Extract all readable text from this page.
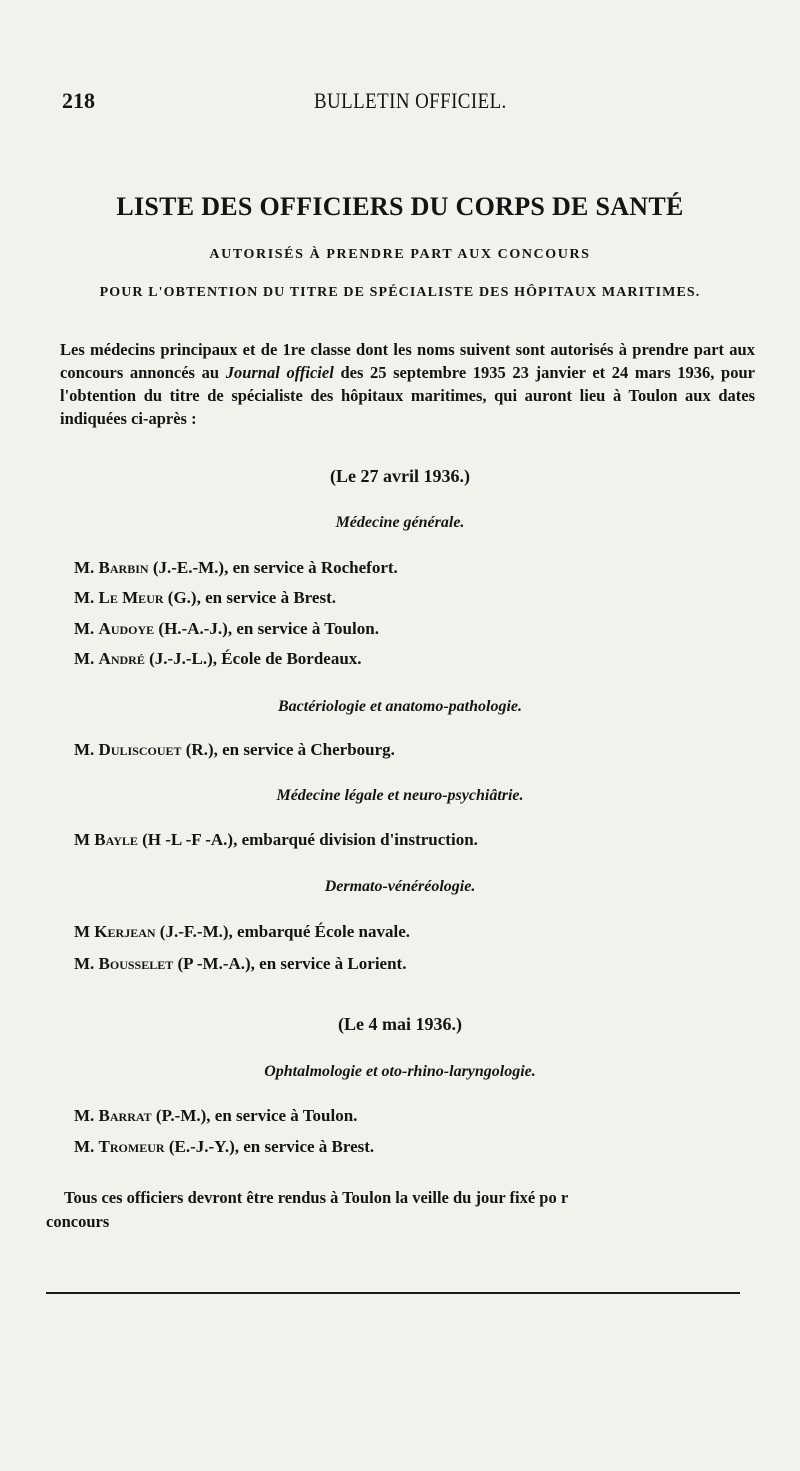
218	BULLETIN OFFICIEL.
LISTE DES OFFICIERS DU CORPS DE SANTÉ
AUTORISÉS À PRENDRE PART AUX CONCOURS
POUR L'OBTENTION DU TITRE DE SPÉCIALISTE DES HÔPITAUX MARITIMES.
Les médecins principaux et de 1re classe dont les noms suivent sont autorisés à prendre part aux concours annoncés au Journal officiel des 25 septembre 1935 23 janvier et 24 mars 1936, pour l'obtention du titre de spécialiste des hôpitaux maritimes, qui auront lieu à Toulon aux dates indiquées ci-après :
(Le 27 avril 1936.)
Médecine générale.
M. Barbin (J.-E.-M.), en service à Rochefort.
M. Le Meur (G.), en service à Brest.
M. Audoye (H.-A.-J.), en service à Toulon.
M. André (J.-J.-L.), École de Bordeaux.
Bactériologie et anatomo-pathologie.
M. Duliscouet (R.), en service à Cherbourg.
Médecine légale et neuro-psychiâtrie.
M Bayle (H -L -F -A.), embarqué division d'instruction.
Dermato-vénéréologie.
M Kerjean (J.-F.-M.), embarqué École navale.
M. Bousselet (P -M.-A.), en service à Lorient.
(Le 4 mai 1936.)
Ophtalmologie et oto-rhino-laryngologie.
M. Barrat (P.-M.), en service à Toulon.
M. Tromeur (E.-J.-Y.), en service à Brest.
Tous ces officiers devront être rendus à Toulon la veille du jour fixé po r
concours
